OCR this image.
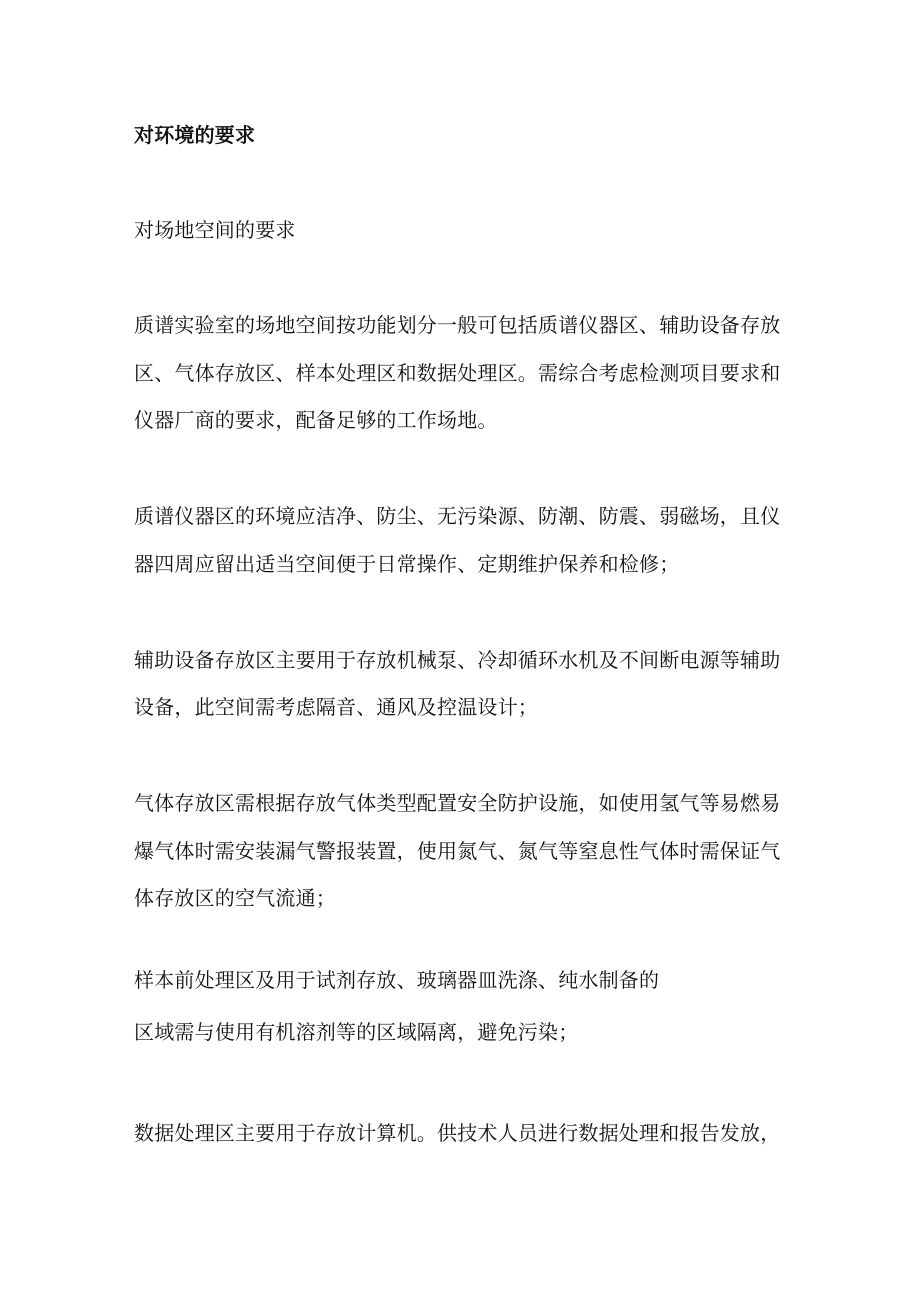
对环境的要求
对场地空间的要求
质谱实验室的场地空间按功能划分一般可包括质谱仪器区、辅助设备存放
区、气体存放区、样本处理区和数据处理区。需综合考虑检测项目要求和
仪器厂商的要求，配备足够的工作场地。
质谱仪器区的环境应洁净、防尘、无污染源、防潮、防震、弱磁场，且仪
器四周应留出适当空间便于日常操作、定期维护保养和检修；
辅助设备存放区主要用于存放机械泵、冷却循环水机及不间断电源等辅助
设备，此空间需考虑隔音、通风及控温设计；
气体存放区需根据存放气体类型配置安全防护设施，如使用氢气等易燃易
爆气体时需安装漏气警报装置，使用氮气、氮气等窒息性气体时需保证气
体存放区的空气流通；
样本前处理区及用于试剂存放、玻璃器皿洗涤、纯水制备的
区域需与使用有机溶剂等的区域隔离，避免污染；
数据处理区主要用于存放计算机。供技术人员进行数据处理和报告发放，
